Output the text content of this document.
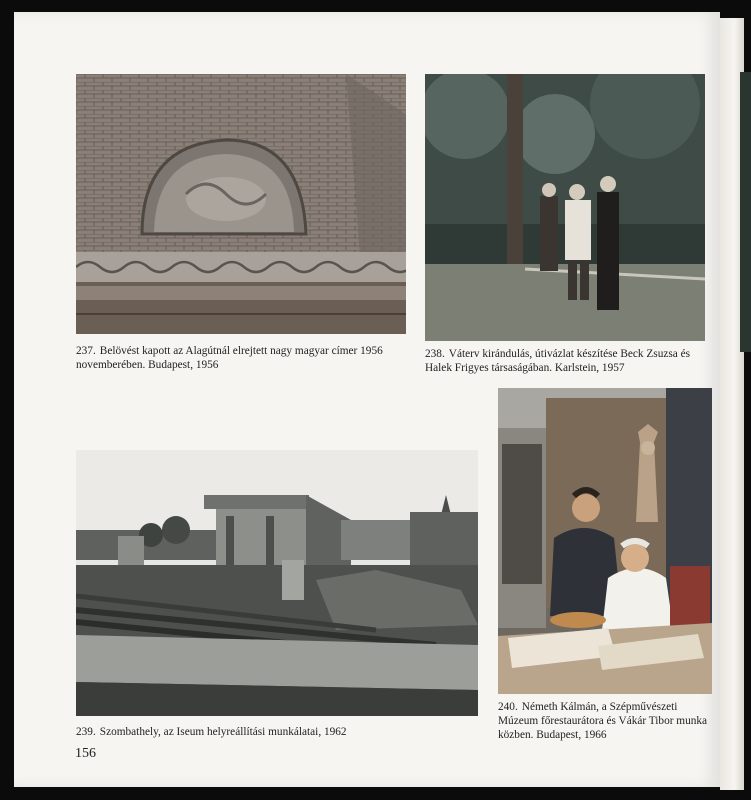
237. Belövést kapott az Alagútnál elrejtett nagy magyar címer 1956 novemberében. Budapest, 1956
238. Váterv kirándulás, útivázlat készítése Beck Zsuzsa és Halek Frigyes társaságában. Karlstein, 1957
239. Szombathely, az Iseum helyreállítási munkálatai, 1962
240. Németh Kálmán, a Szépművészeti Múzeum főrestaurátora és Vákár Tibor munka közben. Budapest, 1966
156
